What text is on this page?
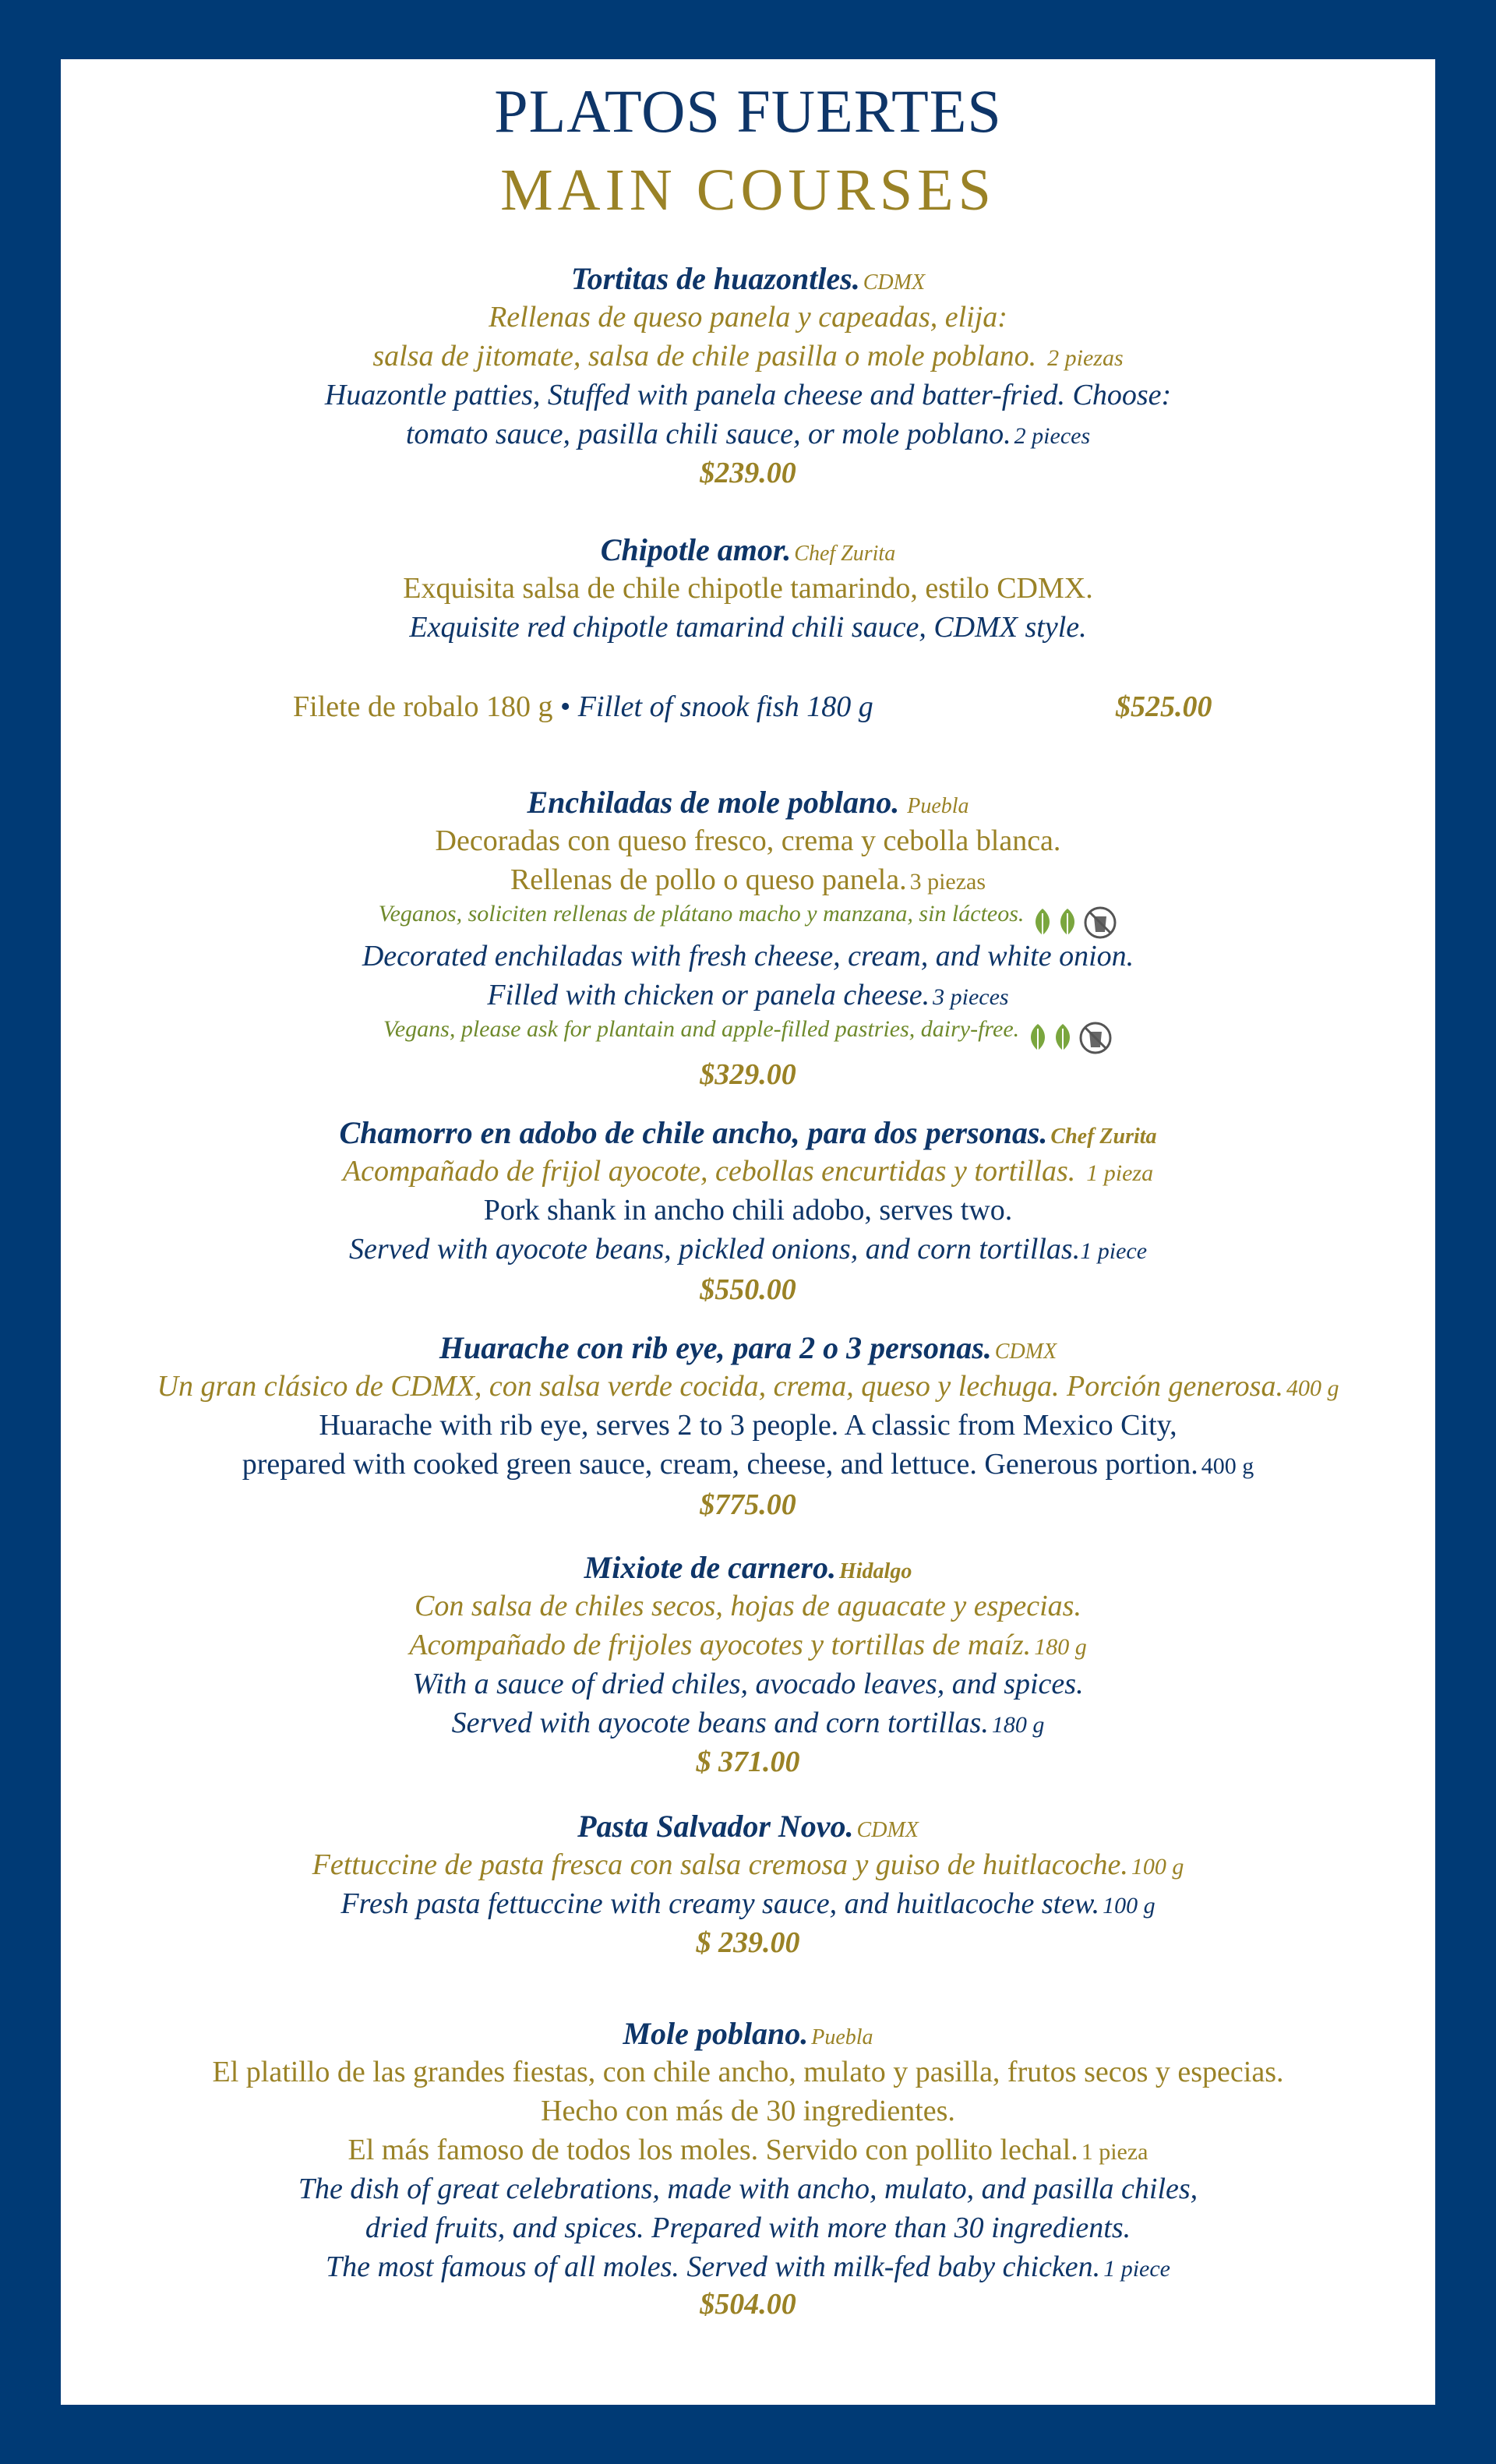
PLATOS FUERTES
MAIN COURSES
Tortitas de huazontles. CDMX
Rellenas de queso panela y capeadas, elija:
salsa de jitomate, salsa de chile pasilla o mole poblano. 2 piezas
Huazontle patties, Stuffed with panela cheese and batter-fried. Choose:
tomato sauce, pasilla chili sauce, or mole poblano. 2 pieces
$239.00
Chipotle amor. Chef Zurita
Exquisita salsa de chile chipotle tamarindo, estilo CDMX.
Exquisite red chipotle tamarind chili sauce, CDMX style.
Filete de robalo 180 g • Fillet of snook fish 180 g	$525.00
Enchiladas de mole poblano. Puebla
Decoradas con queso fresco, crema y cebolla blanca.
Rellenas de pollo o queso panela. 3 piezas
Veganos, soliciten rellenas de plátano macho y manzana, sin lácteos.
Decorated enchiladas with fresh cheese, cream, and white onion.
Filled with chicken or panela cheese. 3 pieces
Vegans, please ask for plantain and apple-filled pastries, dairy-free.
$329.00
Chamorro en adobo de chile ancho, para dos personas. Chef Zurita
Acompañado de frijol ayocote, cebollas encurtidas y tortillas. 1 pieza
Pork shank in ancho chili adobo, serves two.
Served with ayocote beans, pickled onions, and corn tortillas.1 piece
$550.00
Huarache con rib eye, para 2 o 3 personas. CDMX
Un gran clásico de CDMX, con salsa verde cocida, crema, queso y lechuga. Porción generosa. 400 g
Huarache with rib eye, serves 2 to 3 people. A classic from Mexico City,
prepared with cooked green sauce, cream, cheese, and lettuce. Generous portion. 400 g
$775.00
Mixiote de carnero. Hidalgo
Con salsa de chiles secos, hojas de aguacate y especias.
Acompañado de frijoles ayocotes y tortillas de maíz. 180 g
With a sauce of dried chiles, avocado leaves, and spices.
Served with ayocote beans and corn tortillas. 180 g
$ 371.00
Pasta Salvador Novo. CDMX
Fettuccine de pasta fresca con salsa cremosa y guiso de huitlacoche. 100 g
Fresh pasta fettuccine with creamy sauce, and huitlacoche stew. 100 g
$ 239.00
Mole poblano. Puebla
El platillo de las grandes fiestas, con chile ancho, mulato y pasilla, frutos secos y especias.
Hecho con más de 30 ingredientes.
El más famoso de todos los moles. Servido con pollito lechal. 1 pieza
The dish of great celebrations, made with ancho, mulato, and pasilla chiles,
dried fruits, and spices. Prepared with more than 30 ingredients.
The most famous of all moles. Served with milk-fed baby chicken. 1 piece
$504.00
